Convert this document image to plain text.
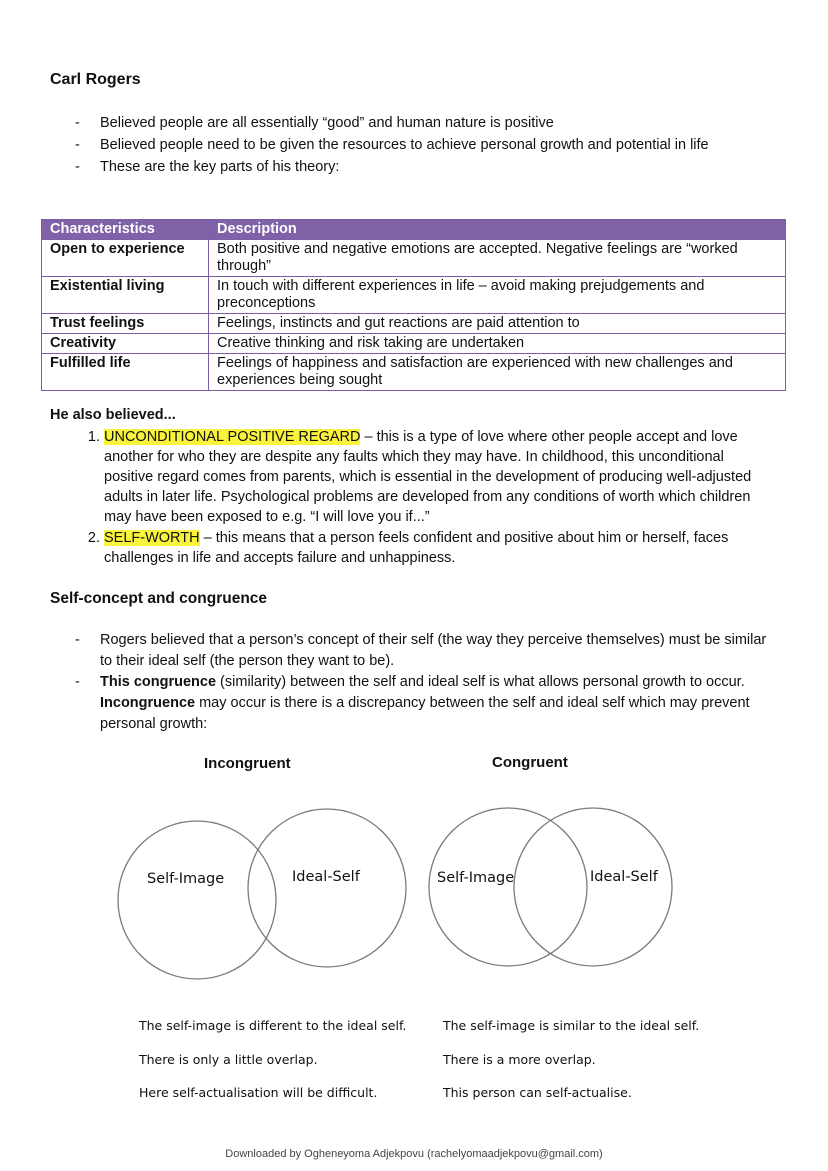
Carl Rogers
-	Believed people are all essentially “good” and human nature is positive
-	Believed people need to be given the resources to achieve personal growth and potential in life
-	These are the key parts of his theory:
Characteristics	Description
Open to experience	Both positive and negative emotions are accepted. Negative feelings are “worked through”
Existential living	In touch with different experiences in life – avoid making prejudgements and preconceptions
Trust feelings	Feelings, instincts and gut reactions are paid attention to
Creativity	Creative thinking and risk taking are undertaken
Fulfilled life	Feelings of happiness and satisfaction are experienced with new challenges and experiences being sought
He also believed...
1. UNCONDITIONAL POSITIVE REGARD – this is a type of love where other people accept and love another for who they are despite any faults which they may have. In childhood, this unconditional positive regard comes from parents, which is essential in the development of producing well-adjusted adults in later life. Psychological problems are developed from any conditions of worth which children may have been exposed to e.g. “I will love you if...”
2. SELF-WORTH – this means that a person feels confident and positive about him or herself, faces challenges in life and accepts failure and unhappiness.
Self-concept and congruence
-	Rogers believed that a person’s concept of their self (the way they perceive themselves) must be similar to their ideal self (the person they want to be).
-	This congruence (similarity) between the self and ideal self is what allows personal growth to occur. Incongruence may occur is there is a discrepancy between the self and ideal self which may prevent personal growth:
Incongruent	Congruent
Self-Image	Ideal-Self	Self-Image	Ideal-Self
The self-image is different to the ideal self.
There is only a little overlap.
Here self-actualisation will be difficult.
The self-image is similar to the ideal self.
There is a more overlap.
This person can self-actualise.
Downloaded by Ogheneyoma Adjekpovu (rachelyomaadjekpovu@gmail.com)
